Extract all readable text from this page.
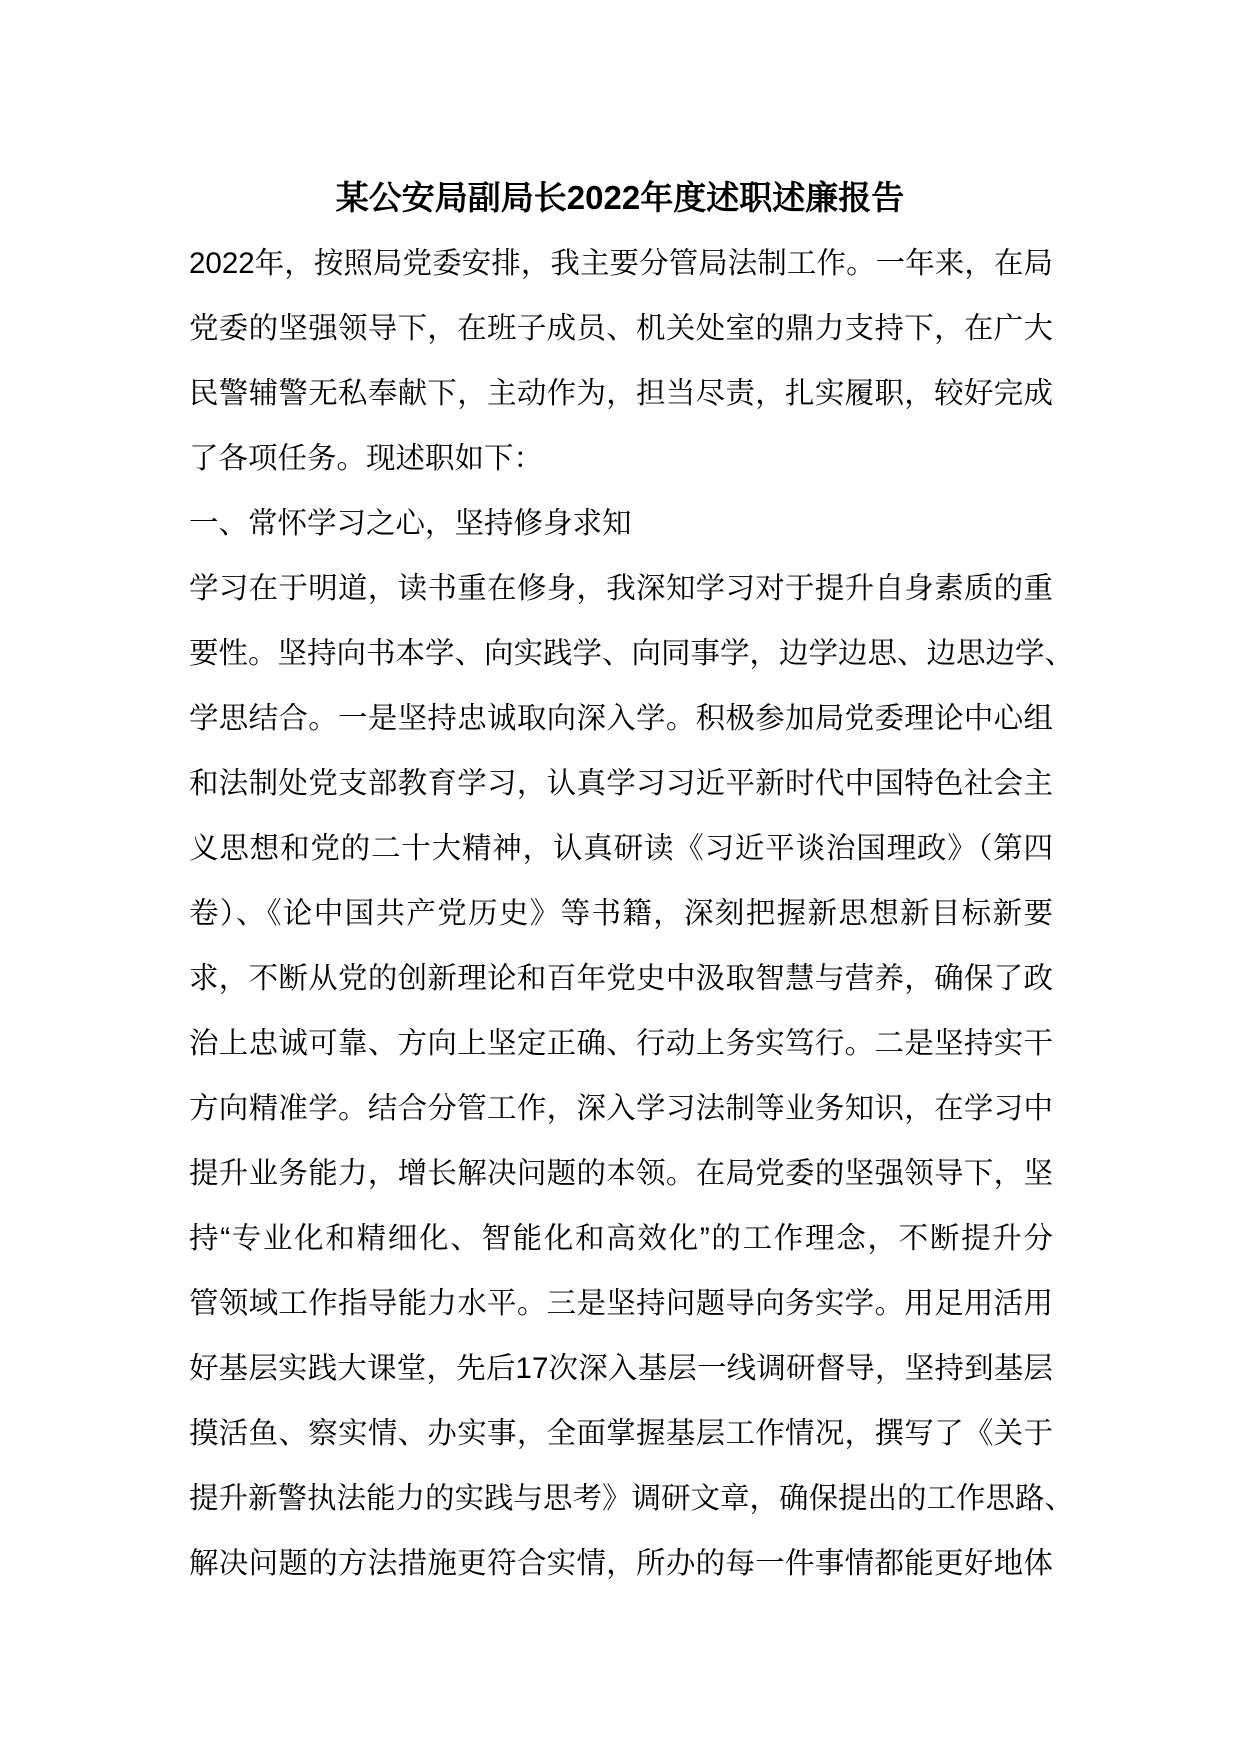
某公安局副局长2022年度述职述廉报告
2022年，按照局党委安排，我主要分管局法制工作。一年来，在局
党委的坚强领导下，在班子成员、机关处室的鼎力支持下，在广大
民警辅警无私奉献下，主动作为，担当尽责，扎实履职，较好完成
了各项任务。现述职如下：
一、常怀学习之心，坚持修身求知
学习在于明道，读书重在修身，我深知学习对于提升自身素质的重
要性。坚持向书本学、向实践学、向同事学，边学边思、边思边学、
学思结合。一是坚持忠诚取向深入学。积极参加局党委理论中心组
和法制处党支部教育学习，认真学习习近平新时代中国特色社会主
义思想和党的二十大精神，认真研读《习近平谈治国理政》（第四
卷）、《论中国共产党历史》等书籍，深刻把握新思想新目标新要
求，不断从党的创新理论和百年党史中汲取智慧与营养，确保了政
治上忠诚可靠、方向上坚定正确、行动上务实笃行。二是坚持实干
方向精准学。结合分管工作，深入学习法制等业务知识，在学习中
提升业务能力，增长解决问题的本领。在局党委的坚强领导下，坚
持“专业化和精细化、智能化和高效化”的工作理念，不断提升分
管领域工作指导能力水平。三是坚持问题导向务实学。用足用活用
好基层实践大课堂，先后17次深入基层一线调研督导，坚持到基层
摸活鱼、察实情、办实事，全面掌握基层工作情况，撰写了《关于
提升新警执法能力的实践与思考》调研文章，确保提出的工作思路、
解决问题的方法措施更符合实情，所办的每一件事情都能更好地体
